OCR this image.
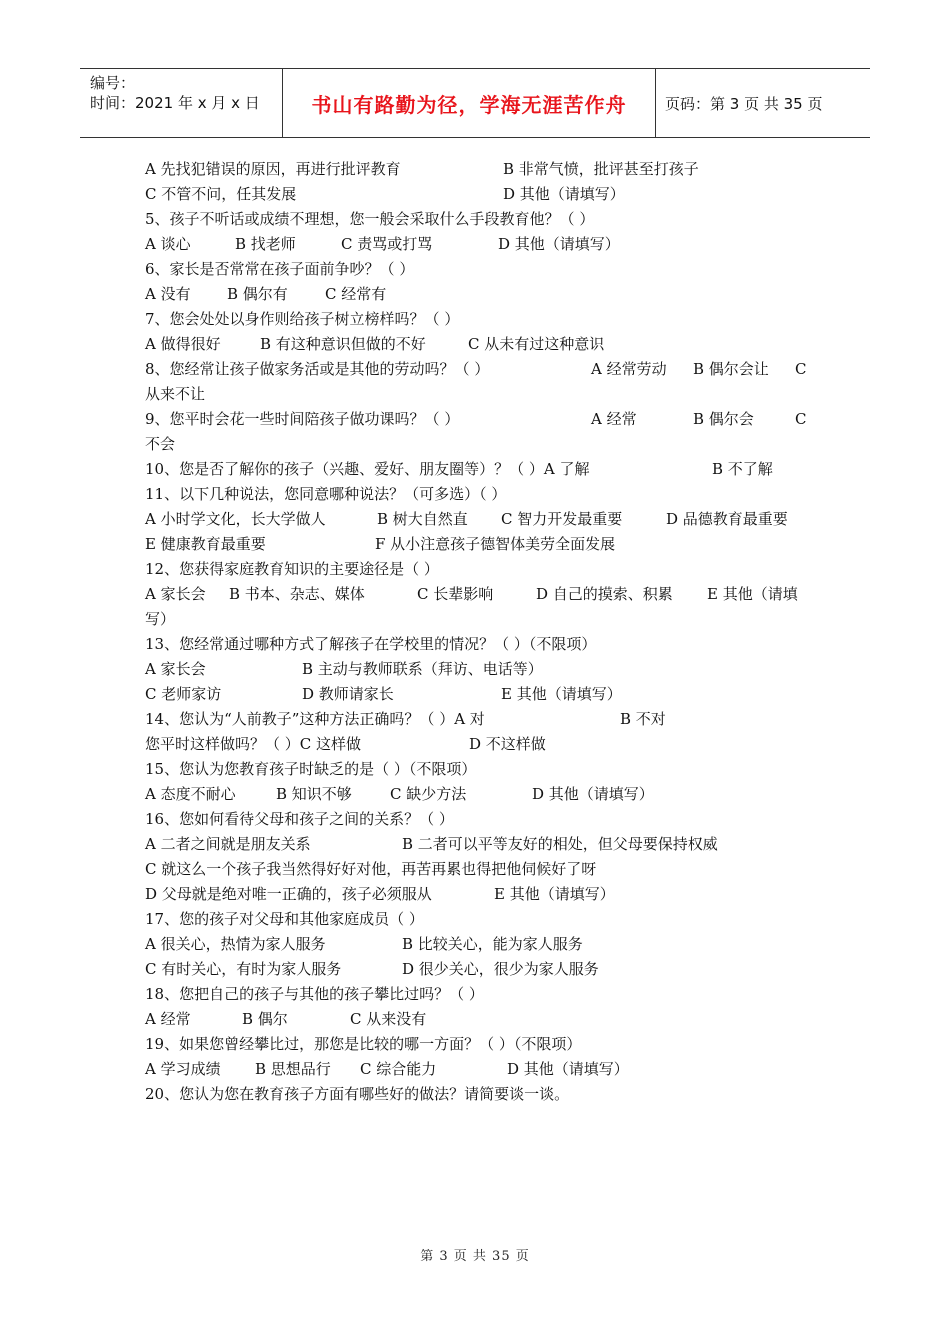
编号：
时间：2021 年 x 月 x 日	书山有路勤为径，学海无涯苦作舟	页码：第 3 页 共 35 页
A 先找犯错误的原因，再进行批评教育	B 非常气愤，批评甚至打孩子
C 不管不问，任其发展	D 其他（请填写）
5、孩子不听话或成绩不理想，您一般会采取什么手段教育他？（ ）
A 谈心	B 找老师	C 责骂或打骂	D 其他（请填写）
6、家长是否常常在孩子面前争吵？（ ）
A 没有 B 偶尔有 C 经常有
7、您会处处以身作则给孩子树立榜样吗？（ ）
A 做得很好	B 有这种意识但做的不好	C 从未有过这种意识
8、您经常让孩子做家务活或是其他的劳动吗？（ ）	A 经常劳动 B 偶尔会让 C
从来不让
9、您平时会花一些时间陪孩子做功课吗？（ ）	A 经常	B 偶尔会	C
不会
10、您是否了解你的孩子（兴趣、爱好、朋友圈等）？（ ）A 了解	B 不了解
11、以下几种说法，您同意哪种说法？（可多选）（ ）
A 小时学文化，长大学做人	B 树大自然直 C 智力开发最重要	D 品德教育最重要
E 健康教育最重要	F 从小注意孩子德智体美劳全面发展
12、您获得家庭教育知识的主要途径是（ ）
A 家长会 B 书本、杂志、媒体	C 长辈影响	D 自己的摸索、积累 E 其他（请填
写）
13、您经常通过哪种方式了解孩子在学校里的情况？（ ）（不限项）
A 家长会	B 主动与教师联系（拜访、电话等）
C 老师家访	D 教师请家长	E 其他（请填写）
14、您认为“人前教子”这种方法正确吗？（ ）A 对	B 不对
您平时这样做吗？（ ）C 这样做	D 不这样做
15、您认为您教育孩子时缺乏的是（ ）（不限项）
A 态度不耐心	B 知识不够	C 缺少方法	D 其他（请填写）
16、您如何看待父母和孩子之间的关系？（ ）
A 二者之间就是朋友关系	B 二者可以平等友好的相处，但父母要保持权威
C 就这么一个孩子我当然得好好对他，再苦再累也得把他伺候好了呀
D 父母就是绝对唯一正确的，孩子必须服从	E 其他（请填写）
17、您的孩子对父母和其他家庭成员（ ）
A 很关心，热情为家人服务	B 比较关心，能为家人服务
C 有时关心，有时为家人服务	D 很少关心，很少为家人服务
18、您把自己的孩子与其他的孩子攀比过吗？（ ）
A 经常	B 偶尔	C 从来没有
19、如果您曾经攀比过，那您是比较的哪一方面？（ ）（不限项）
A 学习成绩 B 思想品行 C 综合能力	D 其他（请填写）
20、您认为您在教育孩子方面有哪些好的做法？请简要谈一谈。
第 3 页 共 35 页
